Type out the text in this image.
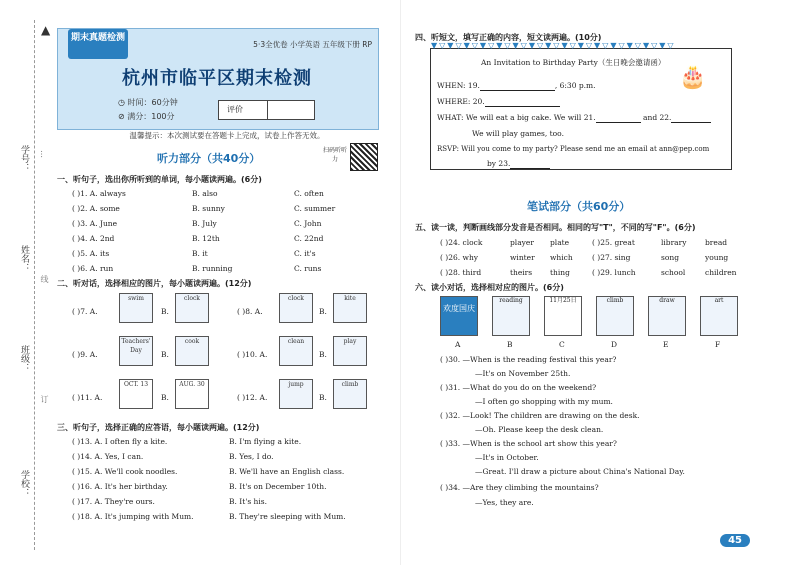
▲
学号：
姓名：
班级：
学校：
…
线
订
期末真题检测
5·3全优卷 小学英语 五年级下册 RP
杭州市临平区期末检测
◷ 时间：60分钟
⊘ 满分：100分
评价
温馨提示：本次测试要在答题卡上完成，试卷上作答无效。
听力部分（共40分）
扫码听听力
一、听句子，选出你所听到的单词，每小题读两遍。(6分)
( )1. A. always	B. also	C. often
( )2. A. some	B. sunny	C. summer
( )3. A. June	B. July	C. John
( )4. A. 2nd	B. 12th	C. 22nd
( )5. A. its	B. it	C. it's
( )6. A. run	B. running	C. runs
二、听对话，选择相应的图片，每小题读两遍。(12分)
( )7. A.
swim
B.
clock
( )8. A.
clock
B.
kite
( )9. A.
Teachers' Day	B.
cook
( )10. A.
clean
B.
play
( )11. A.
OCT. 13
B.
AUG. 30
( )12. A.
jump
B.
climb
三、听句子，选择正确的应答语，每小题读两遍。(12分)
( )13. A. I often fly a kite.	B. I'm flying a kite.
( )14. A. Yes, I can.	B. Yes, I do.
( )15. A. We'll cook noodles.	B. We'll have an English class.
( )16. A. It's her birthday.	B. It's on December 10th.
( )17. A. They're ours.	B. It's his.
( )18. A. It's jumping with Mum.	B. They're sleeping with Mum.
四、听短文，填写正确的内容，短文读两遍。(10分)
▼▽▼▽▼▽▼▽▼▽▼▽▼▽▼▽▼▽▼▽▼▽▼▽▼▽▼▽▼▽
An Invitation to Birthday Party（生日晚会邀请函）
🎂
WHEN: 19.	, 6:30 p.m.
WHERE: 20.
WHAT: We will eat a big cake. We will 21.	and 22.
We will play games, too.
RSVP: Will you come to my party? Please send me an email at ann@pep.com
by 23.
笔试部分（共60分）
五、读一读，判断画线部分发音是否相同。相同的写"T"，不同的写"F"。(6分)
( )24. clock	player plate	( )25. great	library bread
( )26. why	winter which	( )27. sing	song	young
( )28. third	theirs thing	( )29. lunch	school	children
六、读小对话，选择相对应的图片。(6分)
欢度国庆
reading	11月25日	climb	draw	art
A	B	C	D	E	F
( )30. —When is the reading festival this year?
—It's on November 25th.
( )31. —What do you do on the weekend?
—I often go shopping with my mum.
( )32. —Look! The children are drawing on the desk.
—Oh. Please keep the desk clean.
( )33. —When is the school art show this year?
—It's in October.
—Great. I'll draw a picture about China's National Day.
( )34. —Are they climbing the mountains?
—Yes, they are.
45
